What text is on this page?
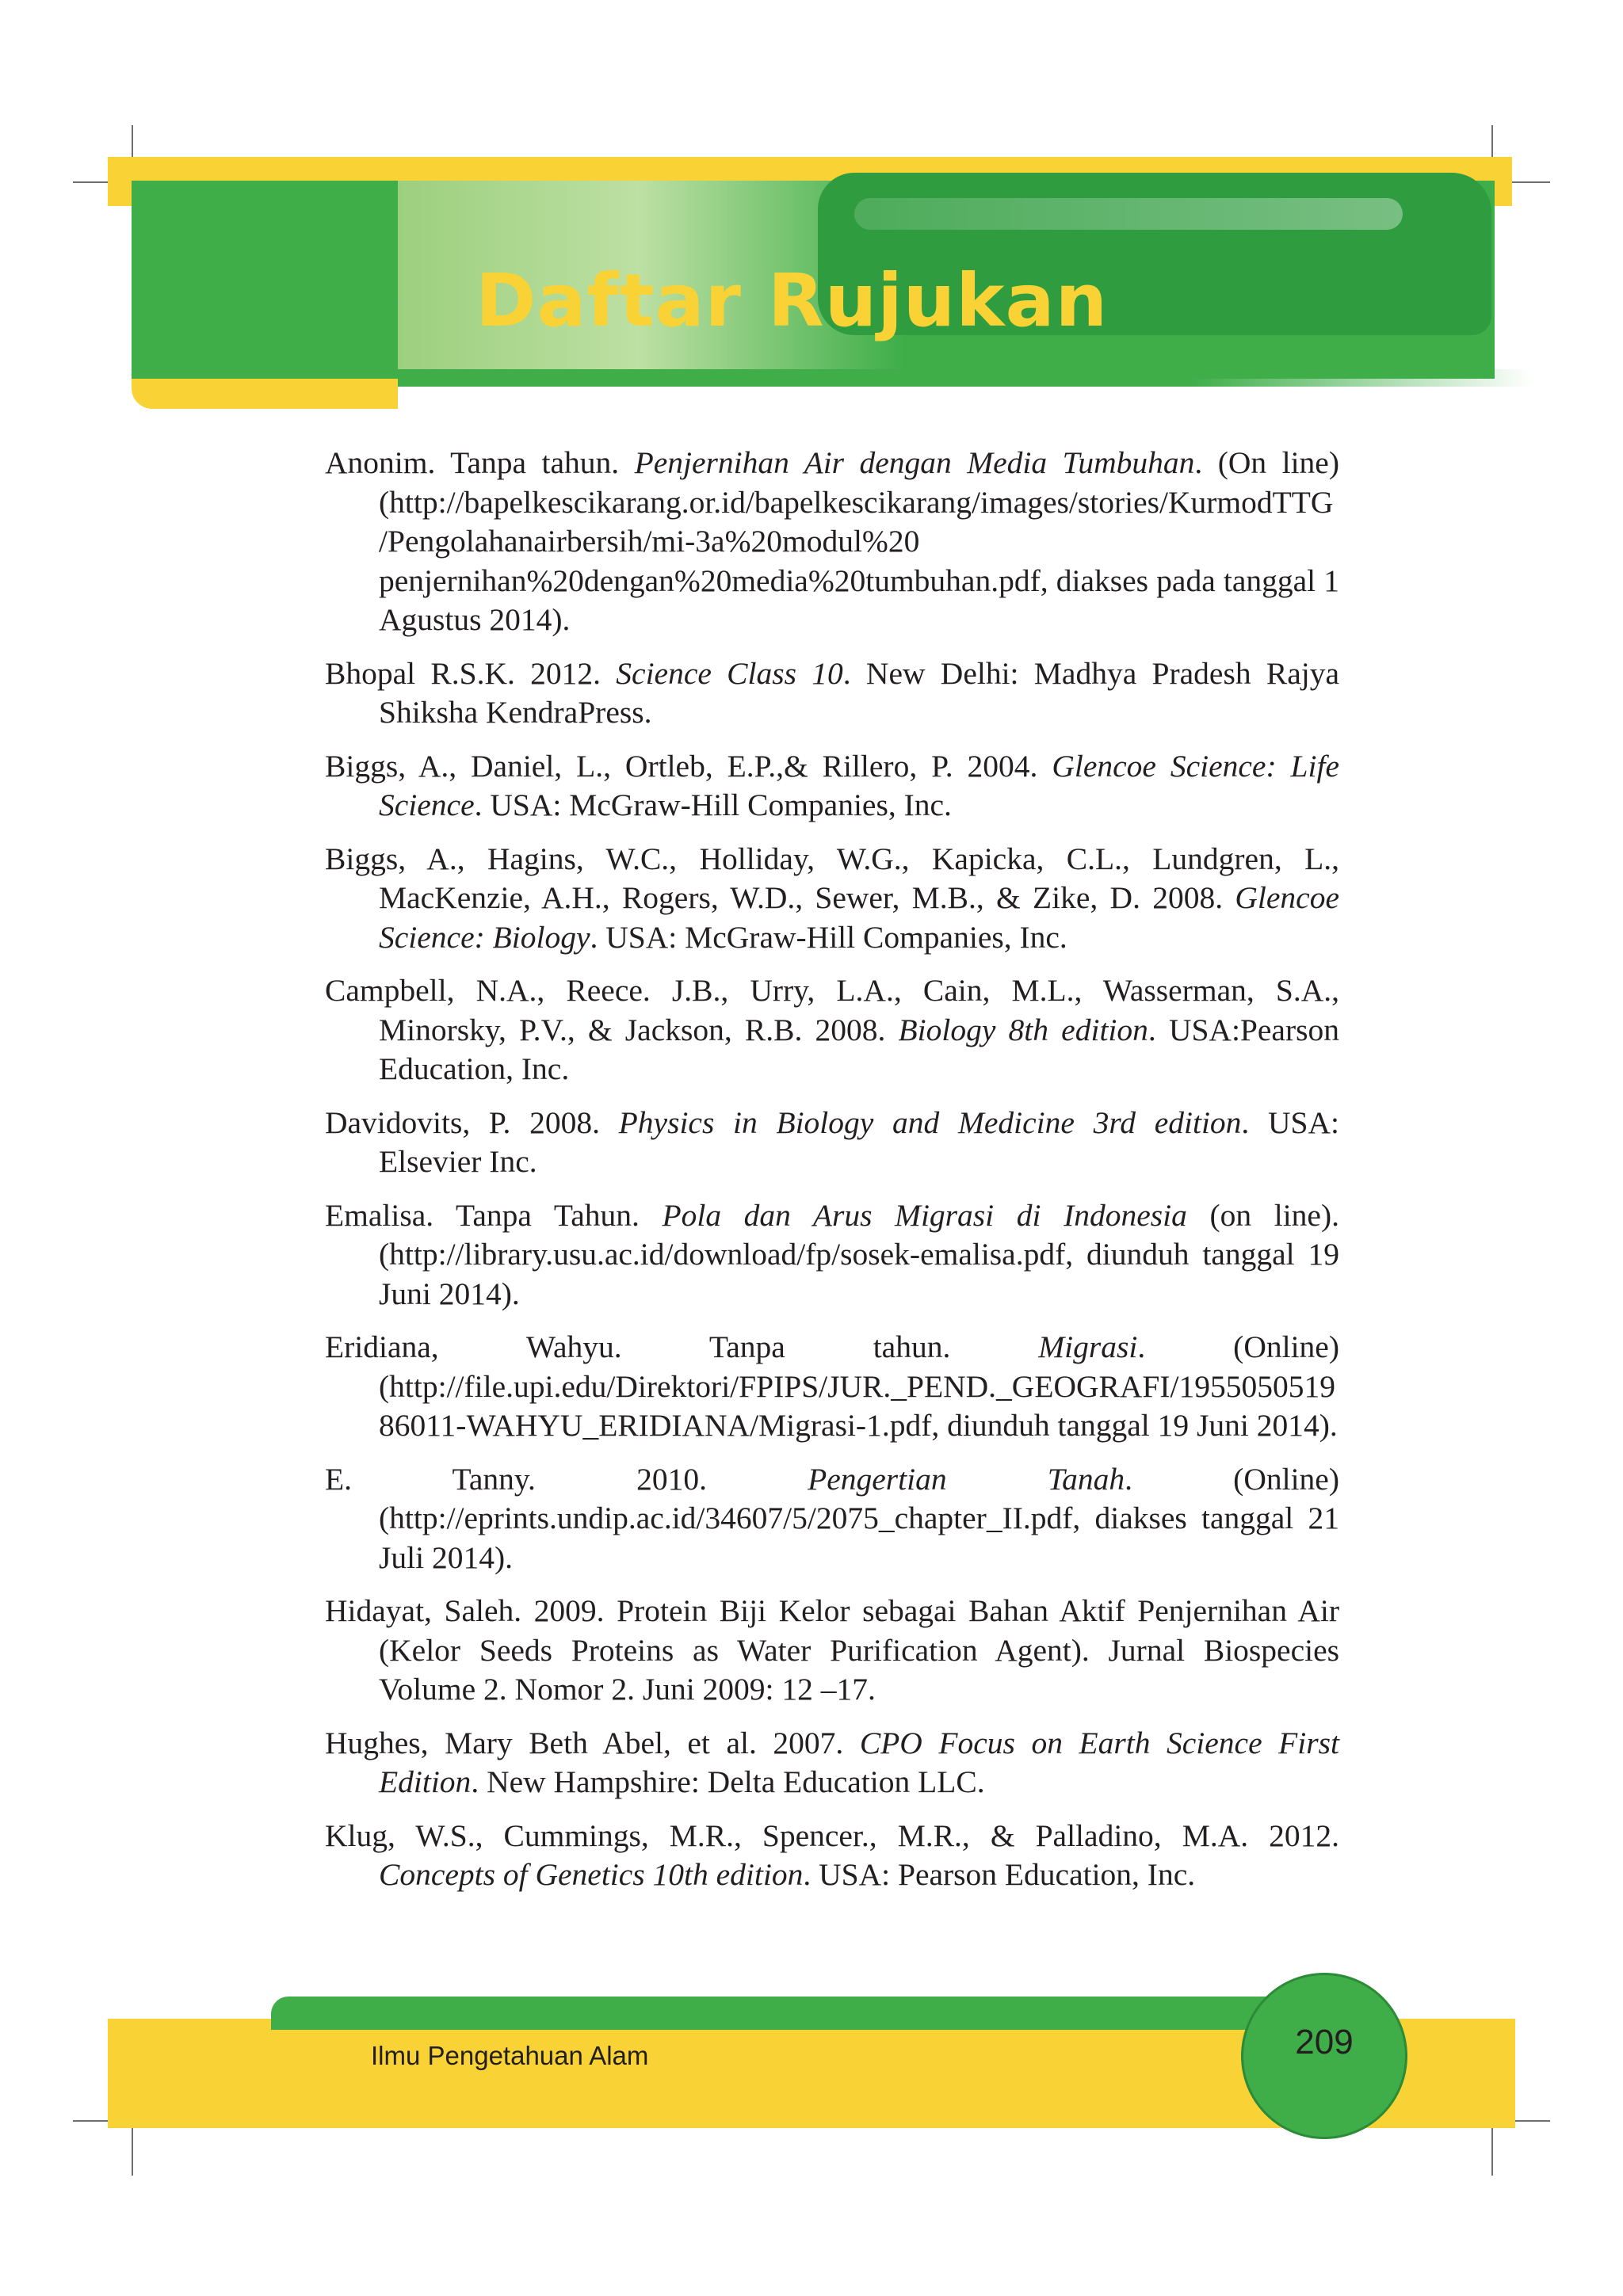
Daftar Rujukan

Anonim. Tanpa tahun. Penjernihan Air dengan Media Tumbuhan. (On line)(http://bapelkescikarang.or.id/bapelkescikarang/images/stories/KurmodTTG/Pengolahanairbersih/mi-3a%20modul%20 penjernihan%20dengan%20media%20tumbuhan.pdf, diakses pada tanggal 1 Agustus 2014).

Bhopal R.S.K. 2012. Science Class 10. New Delhi: Madhya Pradesh Rajya Shiksha KendraPress.

Biggs, A., Daniel, L., Ortleb, E.P.,& Rillero, P. 2004. Glencoe Science: Life Science. USA: McGraw-Hill Companies, Inc.

Biggs, A., Hagins, W.C., Holliday, W.G., Kapicka, C.L., Lundgren, L., MacKenzie, A.H., Rogers, W.D., Sewer, M.B., & Zike, D. 2008. Glencoe Science: Biology. USA: McGraw-Hill Companies, Inc.

Campbell, N.A., Reece. J.B., Urry, L.A., Cain, M.L., Wasserman, S.A., Minorsky, P.V., & Jackson, R.B. 2008. Biology 8th edition. USA:Pearson Education, Inc.

Davidovits, P. 2008. Physics in Biology and Medicine 3rd edition. USA: Elsevier Inc.

Emalisa. Tanpa Tahun. Pola dan Arus Migrasi di Indonesia (on line). (http://library.usu.ac.id/download/fp/sosek-emalisa.pdf, diunduh tanggal 19 Juni 2014).

Eridiana, Wahyu. Tanpa tahun. Migrasi. (Online)(http://file.upi.edu/Direktori/FPIPS/JUR._PEND._GEOGRAFI/195505051986011-WAHYU_ERIDIANA/Migrasi-1.pdf, diunduh tanggal 19 Juni 2014).

E. Tanny. 2010. Pengertian Tanah. (Online)(http://eprints.undip.ac.id/34607/5/2075_chapter_II.pdf, diakses tanggal 21 Juli 2014).

Hidayat, Saleh. 2009. Protein Biji Kelor sebagai Bahan Aktif Penjernihan Air (Kelor Seeds Proteins as Water Purification Agent). Jurnal Biospecies Volume 2. Nomor 2. Juni 2009: 12 –17.

Hughes, Mary Beth Abel, et al. 2007. CPO Focus on Earth Science First Edition. New Hampshire: Delta Education LLC.

Klug, W.S., Cummings, M.R., Spencer., M.R., & Palladino, M.A. 2012. Concepts of Genetics 10th edition. USA: Pearson Education, Inc.

Ilmu Pengetahuan Alam	209
